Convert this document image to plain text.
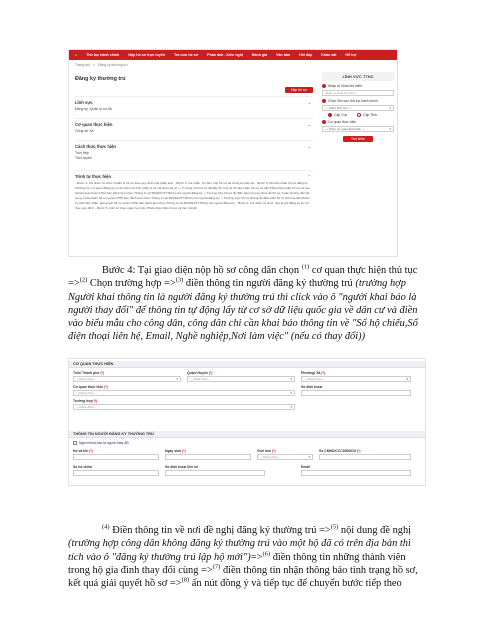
⌂	Thủ tục hành chính	Nộp hồ sơ trực tuyến	Tra cứu hồ sơ	Phản ánh - Kiến nghị	Đánh giá	Văn bản	Hỏi đáp	Khảo sát	Hỗ trợ
Trang chủ > Đăng ký thường trú
Đăng ký thường trú
Nộp hồ sơ
Lĩnh vực
Đăng ký, Quản lý cư trú
⌄
Cơ quan thực hiện
Công an Xã
⌄
Cách thức thực hiện
Trực tiếp
Trực tuyến
⌄
Trình tự thực hiện	⌃
- Bước 1: Cá nhân, tổ chức chuẩn bị hồ sơ theo quy định của pháp luật. - Bước 2: Cá nhân, tổ chức nộp hồ sơ tại Công an cấp xã. - Bước 3: Khi tiếp nhận hồ sơ đăng ký thường trú, cơ quan đăng ký cư trú kiểm tra tính pháp lý và nội dung hồ sơ: + Trường hợp hồ sơ đã đầy đủ, hợp lệ thì tiếp nhận hồ sơ và cấp Phiếu tiếp nhận hồ sơ và hẹn trả kết quả (mẫu CT04 ban hành kèm theo Thông tư số 56/2021/TT-BCA) cho người đăng ký; + Trường hợp hồ sơ đủ điều kiện nhưng chưa đủ hồ sơ, hoặc hướng dẫn bổ sung, hoàn thiện hồ sơ (mẫu CT05 ban hành kèm theo Thông tư số 56/2021/TT-BCA) cho người đăng ký; + Trường hợp hồ sơ không đủ điều kiện thì từ chối và cấp Phiếu từ chối tiếp nhận, giải quyết hồ sơ (mẫu CT06 ban hành kèm theo Thông tư số 56/2021/TT-BCA) cho người đăng ký. - Bước 4: Cá nhân, tổ chức nộp lệ phí đăng ký cư trú theo quy định. - Bước 5: Căn cứ theo ngày hẹn trên Phiếu tiếp nhận hồ sơ và hẹn trả kết
LĨNH VỰC TTHC
Nhập từ khóa tìm kiếm
Nhập từ khóa tìm kiếm
Chọn lĩnh vực thủ tục hành chính
--- Chọn lĩnh vực --- ▾
Cấp Cục	Cấp Tỉnh
Cơ quan thực hiện
--- Chọn cơ quan thực hiện --- ▾
Tìm kiếm
Bước 4: Tại giao diện nộp hồ sơ công dân chọn $^{(1)}$ cơ quan thực hiện thủ tục =>$^{(2)}$ Chọn trường hợp =>$^{(3)}$ điền thông tin người đăng ký thường trú (trường hợp Người khai thông tin là người đăng ký thường trú thì click vào ô "người khai báo là người thay đổi" để thông tin tự động lấy từ cơ sở dữ liệu quốc gia về dân cư và điền vào biểu mẫu cho công dân, công dân chỉ cần khai báo thông tin về "Số hộ chiếu,Số điện thoại liên hệ, Email, Nghề nghiệp,Nơi làm việc" (nếu có thay đổi))
CƠ QUAN THỰC HIỆN
Tỉnh/ Thành phố (*)
-- Chưa chọn -- ▾
Quận/ Huyện (*)
-- Chưa chọn -- ▾
Phường/ Xã (*)
-- Chưa chọn -- ▾
Cơ quan thực hiện (*)
-- Chưa chọn -- ▾
Số điện thoại
Trường hợp (*)
-- Chưa chọn -- ▾
THÔNG TIN NGƯỜI ĐĂNG KÝ THƯỜNG TRÚ
Người khai báo là người thay đổi
Họ và tên (*)	Ngày sinh (*)	Giới tính (*)
-- Chưa chọn -- ▾
Số CMND/CCCD/ĐDCN (*)
Số hộ chiếu	Số điện thoại liên hệ	Email
$^{(4)}$ Điền thông tin về nơi đề nghị đăng ký thường trú =>$^{(5)}$ nội dung đề nghị (trường hợp công dân không đăng ký thường trú vào một hộ đã có trên địa bàn thì tích vào ô "đăng ký thường trú lập hộ mới")=>$^{(6)}$ điền thông tin những thành viên trong hộ gia đình thay đổi cùng =>$^{(7)}$ điền thông tin nhận thông báo tình trạng hồ sơ, kết quả giải quyết hồ sơ =>$^{(8)}$ ấn nút đồng ý và tiếp tục để chuyển bước tiếp theo
